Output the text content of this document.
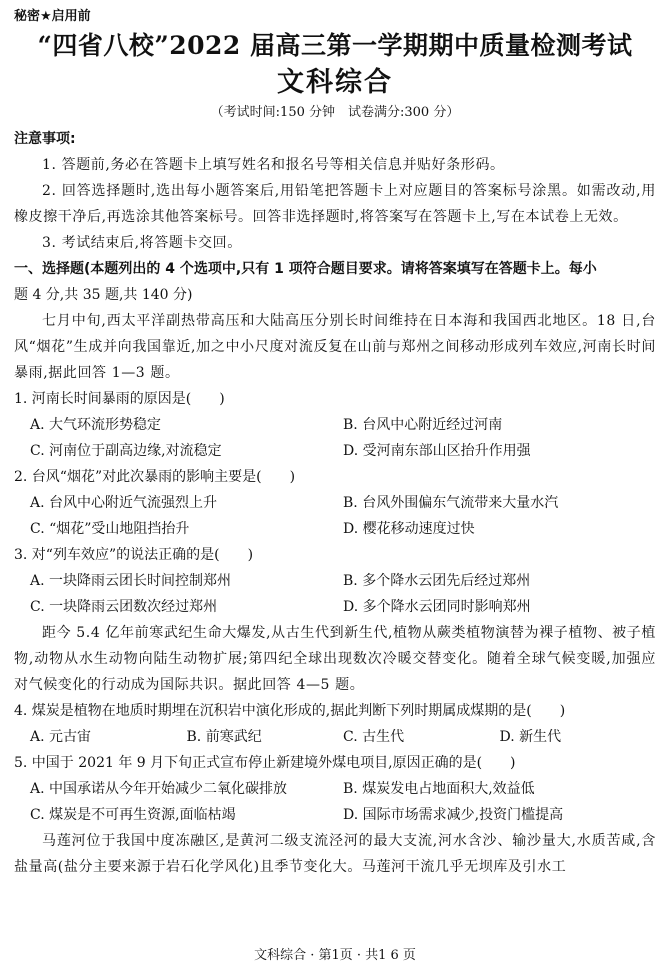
秘密★启用前
“四省八校”2022 届高三第一学期期中质量检测考试
文科综合
（考试时间:150 分钟　试卷满分:300 分）
注意事项:

1. 答题前,务必在答题卡上填写姓名和报名号等相关信息并贴好条形码。

2. 回答选择题时,选出每小题答案后,用铅笔把答题卡上对应题目的答案标号涂黑。如需改动,用橡皮擦干净后,再选涂其他答案标号。回答非选择题时,将答案写在答题卡上,写在本试卷上无效。

3. 考试结束后,将答题卡交回。

一、选择题(本题列出的 4 个选项中,只有 1 项符合题目要求。请将答案填写在答题卡上。每小
题 4 分,共 35 题,共 140 分)

七月中旬,西太平洋副热带高压和大陆高压分别长时间维持在日本海和我国西北地区。18 日,台风“烟花”生成并向我国靠近,加之中小尺度对流反复在山前与郑州之间移动形成列车效应,河南长时间暴雨,据此回答 1—3 题。

1. 河南长时间暴雨的原因是(　　)
A. 大气环流形势稳定	B. 台风中心附近经过河南
C. 河南位于副高边缘,对流稳定	D. 受河南东部山区抬升作用强
2. 台风“烟花”对此次暴雨的影响主要是(　　)
A. 台风中心附近气流强烈上升	B. 台风外围偏东气流带来大量水汽
C. “烟花”受山地阻挡抬升	D. 樱花移动速度过快
3. 对“列车效应”的说法正确的是(　　)
A. 一块降雨云团长时间控制郑州	B. 多个降水云团先后经过郑州
C. 一块降雨云团数次经过郑州	D. 多个降水云团同时影响郑州

距今 5.4 亿年前寒武纪生命大爆发,从古生代到新生代,植物从蕨类植物演替为裸子植物、被子植物,动物从水生动物向陆生动物扩展;第四纪全球出现数次冷暖交替变化。随着全球气候变暖,加强应对气候变化的行动成为国际共识。据此回答 4—5 题。

4. 煤炭是植物在地质时期埋在沉积岩中演化形成的,据此判断下列时期属成煤期的是(　　)
A. 元古宙	B. 前寒武纪	C. 古生代	D. 新生代
5. 中国于 2021 年 9 月下旬正式宣布停止新建境外煤电项目,原因正确的是(　　)
A. 中国承诺从今年开始减少二氧化碳排放	B. 煤炭发电占地面积大,效益低
C. 煤炭是不可再生资源,面临枯竭	D. 国际市场需求减少,投资门槛提高

马莲河位于我国中度冻融区,是黄河二级支流泾河的最大支流,河水含沙、输沙量大,水质苦咸,含盐量高(盐分主要来源于岩石化学风化)且季节变化大。马莲河干流几乎无坝库及引水工

文科综合 · 第1页 · 共1 6 页
